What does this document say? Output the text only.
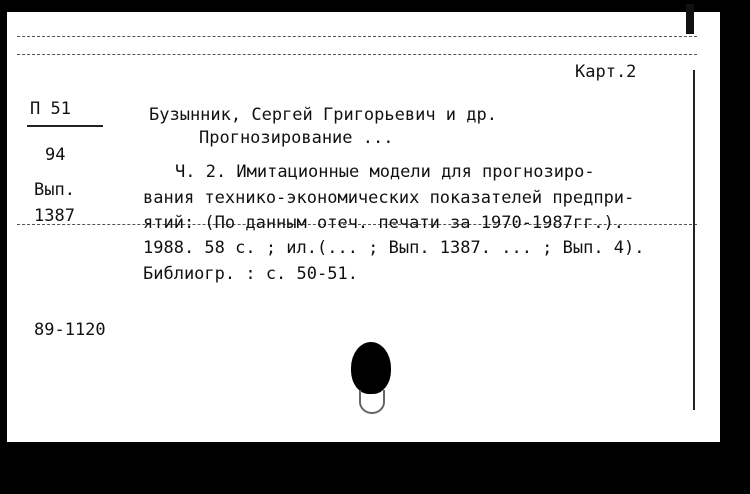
Карт.2
П 51
94
Вып.
1387
Бузынник, Сергей Григорьевич и др.
Прогнозирование ...
Ч. 2. Имитационные модели для прогнозиро-
вания технико-экономических показателей предпри-
ятий: (По данным отеч. печати за 1970-1987гг.).
1988. 58 с. ; ил.(... ; Вып. 1387. ... ; Вып. 4).
Библиогр. : с. 50-51.
89-1120
